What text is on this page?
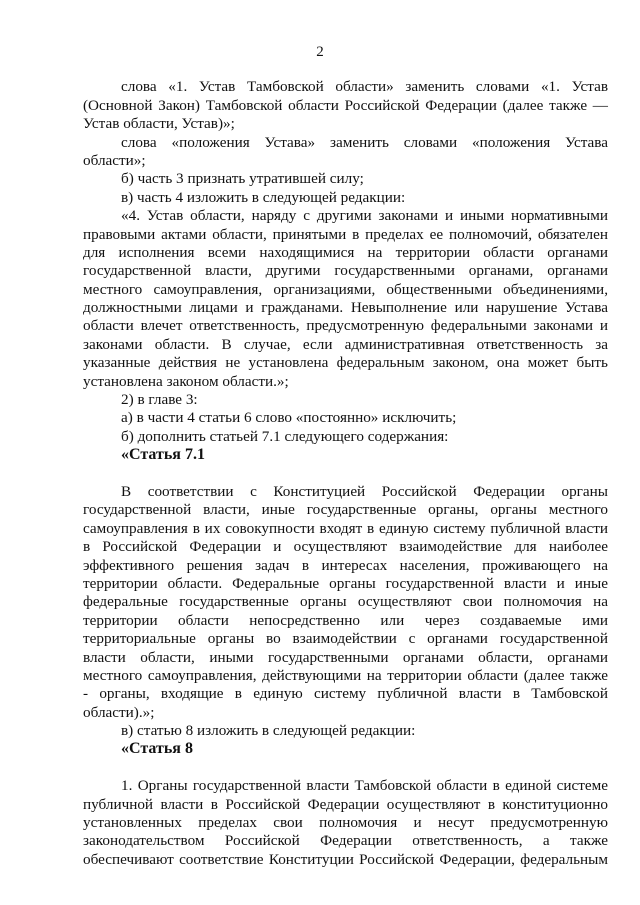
2
слова «1. Устав Тамбовской области» заменить словами «1. Устав
(Основной Закон) Тамбовской области Российской Федерации (далее также —
Устав области, Устав)»;
слова «положения Устава» заменить словами «положения Устава
области»;
б) часть 3 признать утратившей силу;
в) часть 4 изложить в следующей редакции:
«4. Устав области, наряду с другими законами и иными нормативными
правовыми актами области, принятыми в пределах ее полномочий, обязателен
для исполнения всеми находящимися на территории области органами
государственной власти, другими государственными органами, органами
местного самоуправления, организациями, общественными объединениями,
должностными лицами и гражданами. Невыполнение или нарушение Устава
области влечет ответственность, предусмотренную федеральными законами и
законами области. В случае, если административная ответственность за
указанные действия не установлена федеральным законом, она может быть
установлена законом области.»;
2) в главе 3:
а) в части 4 статьи 6 слово «постоянно» исключить;
б) дополнить статьей 7.1 следующего содержания:
«Статья 7.1
В соответствии с Конституцией Российской Федерации органы
государственной власти, иные государственные органы, органы местного
самоуправления в их совокупности входят в единую систему публичной власти
в Российской Федерации и осуществляют взаимодействие для наиболее
эффективного решения задач в интересах населения, проживающего на
территории области. Федеральные органы государственной власти и иные
федеральные государственные органы осуществляют свои полномочия на
территории области непосредственно или через создаваемые ими
территориальные органы во взаимодействии с органами государственной
власти области, иными государственными органами области, органами
местного самоуправления, действующими на территории области (далее также
- органы, входящие в единую систему публичной власти в Тамбовской
области).»;
в) статью 8 изложить в следующей редакции:
«Статья 8
1. Органы государственной власти Тамбовской области в единой системе
публичной власти в Российской Федерации осуществляют в конституционно
установленных пределах свои полномочия и несут предусмотренную
законодательством Российской Федерации ответственность, а также
обеспечивают соответствие Конституции Российской Федерации, федеральным
